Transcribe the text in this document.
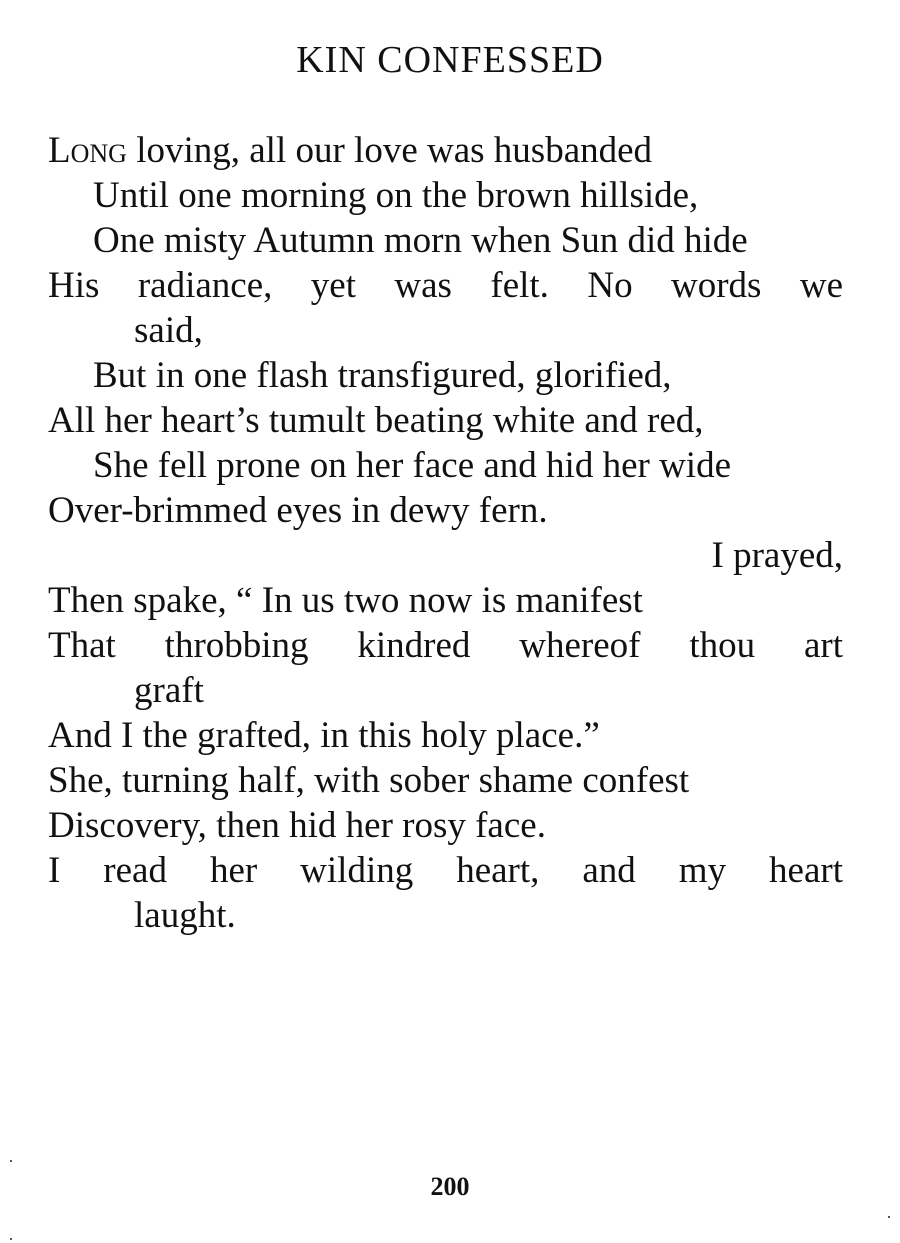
KIN CONFESSED
Long loving, all our love was husbanded
Until one morning on the brown hillside,
One misty Autumn morn when Sun did hide
His radiance, yet was felt. No words we
said,
But in one flash transfigured, glorified,
All her heart’s tumult beating white and red,
She fell prone on her face and hid her wide
Over-brimmed eyes in dewy fern.
I prayed,
Then spake, “ In us two now is manifest
That throbbing kindred whereof thou art
graft
And I the grafted, in this holy place.”
She, turning half, with sober shame confest
Discovery, then hid her rosy face.
I read her wilding heart, and my heart
laught.
200
